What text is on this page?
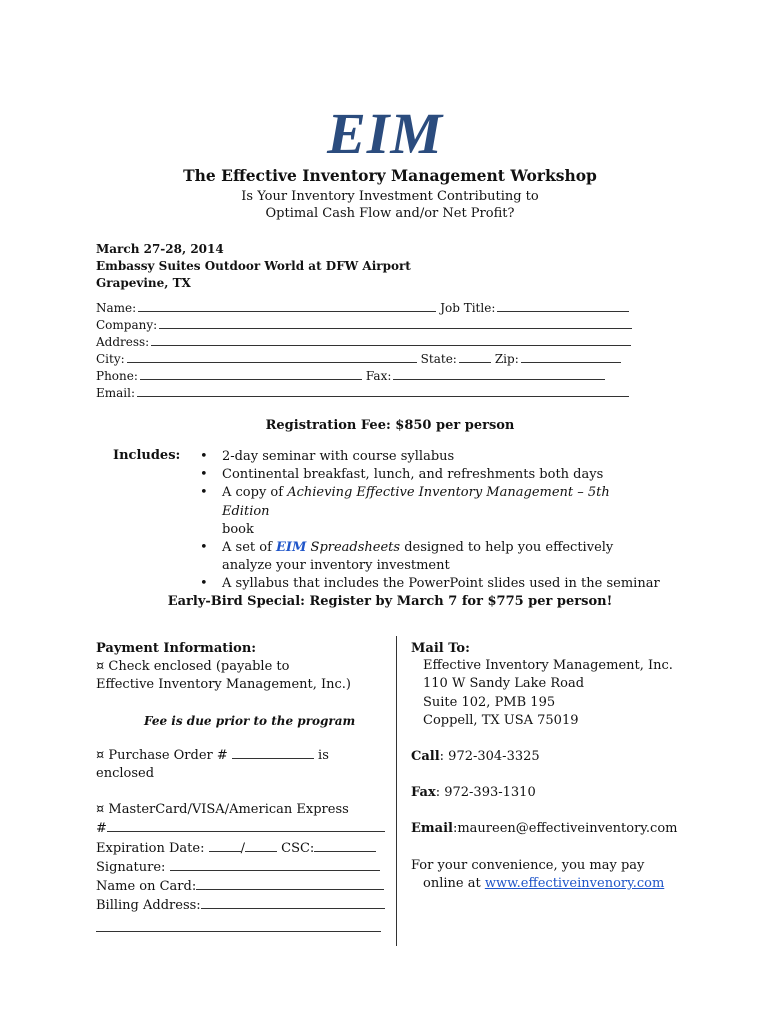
EIM
The Effective Inventory Management Workshop
Is Your Inventory Investment Contributing to
Optimal Cash Flow and/or Net Profit?
March 27-28, 2014
Embassy Suites Outdoor World at DFW Airport
Grapevine, TX
Name:	Job Title:
Company:
Address:
City:	State:	Zip:
Phone:	Fax:
Email:
Registration Fee: $850 per person
Includes:
•	2-day seminar with course syllabus
• Continental breakfast, lunch, and refreshments both days
• A copy of Achieving Effective Inventory Management – 5th Edition
book
• A set of EIM Spreadsheets designed to help you effectively analyze your inventory investment
• A syllabus that includes the PowerPoint slides used in the seminar
Early-Bird Special: Register by March 7 for $775 per person!
Payment Information:
¤ Check enclosed (payable to
Effective Inventory Management, Inc.)
Fee is due prior to the program
¤ Purchase Order #	is enclosed
¤ MasterCard/VISA/American Express
#
Expiration Date:	/	CSC:
Signature:
Name on Card:
Billing Address:
Mail To:
Effective Inventory Management, Inc.
110 W Sandy Lake Road
Suite 102, PMB 195
Coppell, TX USA 75019
Call: 972-304-3325
Fax: 972-393-1310
Email:maureen@effectiveinventory.com
For your convenience, you may pay
online at www.effectiveinvenory.com
